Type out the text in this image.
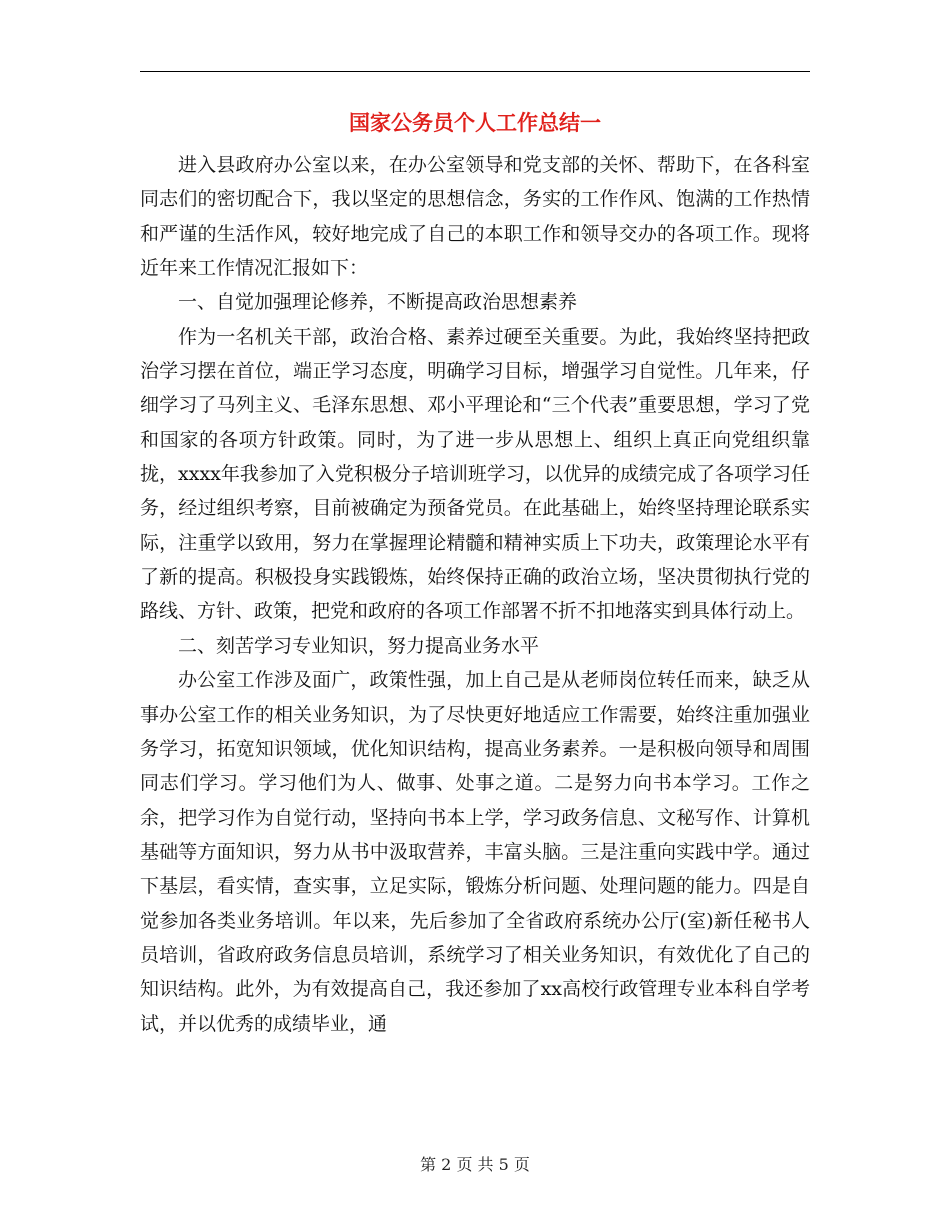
国家公务员个人工作总结一

进入县政府办公室以来，在办公室领导和党支部的关怀、帮助下，在各科室同志们的密切配合下，我以坚定的思想信念，务实的工作作风、饱满的工作热情和严谨的生活作风，较好地完成了自己的本职工作和领导交办的各项工作。现将近年来工作情况汇报如下：

一、自觉加强理论修养，不断提高政治思想素养

作为一名机关干部，政治合格、素养过硬至关重要。为此，我始终坚持把政治学习摆在首位，端正学习态度，明确学习目标，增强学习自觉性。几年来，仔细学习了马列主义、毛泽东思想、邓小平理论和“三个代表”重要思想，学习了党和国家的各项方针政策。同时，为了进一步从思想上、组织上真正向党组织靠拢，xxxx年我参加了入党积极分子培训班学习，以优异的成绩完成了各项学习任务，经过组织考察，目前被确定为预备党员。在此基础上，始终坚持理论联系实际，注重学以致用，努力在掌握理论精髓和精神实质上下功夫，政策理论水平有了新的提高。积极投身实践锻炼，始终保持正确的政治立场，坚决贯彻执行党的路线、方针、政策，把党和政府的各项工作部署不折不扣地落实到具体行动上。

二、刻苦学习专业知识，努力提高业务水平

办公室工作涉及面广，政策性强，加上自己是从老师岗位转任而来，缺乏从事办公室工作的相关业务知识，为了尽快更好地适应工作需要，始终注重加强业务学习，拓宽知识领域，优化知识结构，提高业务素养。一是积极向领导和周围同志们学习。学习他们为人、做事、处事之道。二是努力向书本学习。工作之余，把学习作为自觉行动，坚持向书本上学，学习政务信息、文秘写作、计算机基础等方面知识，努力从书中汲取营养，丰富头脑。三是注重向实践中学。通过下基层，看实情，查实事，立足实际，锻炼分析问题、处理问题的能力。四是自觉参加各类业务培训。年以来，先后参加了全省政府系统办公厅(室)新任秘书人员培训，省政府政务信息员培训，系统学习了相关业务知识，有效优化了自己的知识结构。此外，为有效提高自己，我还参加了xx高校行政管理专业本科自学考试，并以优秀的成绩毕业，通

第 2 页 共 5 页
